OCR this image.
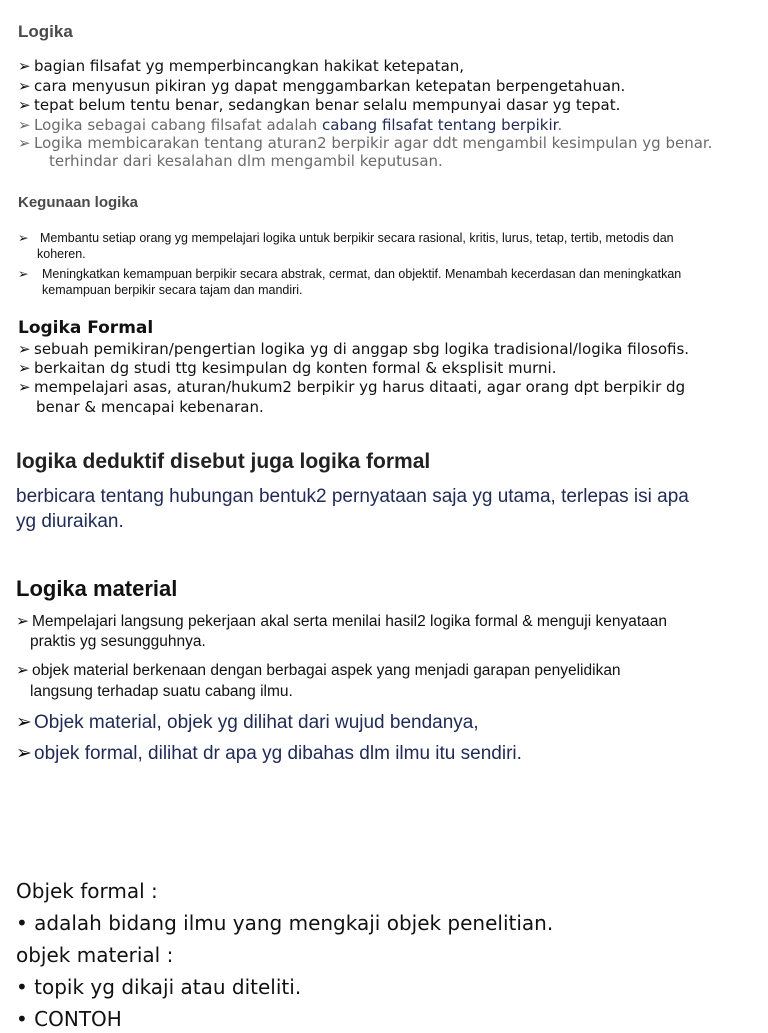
Logika
➢ bagian filsafat yg memperbincangkan hakikat ketepatan,
➢ cara menyusun pikiran yg dapat menggambarkan ketepatan berpengetahuan.
➢ tepat belum tentu benar, sedangkan benar selalu mempunyai dasar yg tepat.
➢ Logika sebagai cabang filsafat adalah cabang filsafat tentang berpikir.
➢ Logika membicarakan tentang aturan2 berpikir agar ddt mengambil kesimpulan yg benar.
terhindar dari kesalahan dlm mengambil keputusan.
Kegunaan logika
➢ Membantu setiap orang yg mempelajari logika untuk berpikir secara rasional, kritis, lurus, tetap, tertib, metodis dan
koheren.
➢	Meningkatkan kemampuan berpikir secara abstrak, cermat, dan objektif. Menambah kecerdasan dan meningkatkan
kemampuan berpikir secara tajam dan mandiri.
Logika Formal
➢ sebuah pemikiran/pengertian logika yg di anggap sbg logika tradisional/logika filosofis.
➢ berkaitan dg studi ttg kesimpulan dg konten formal & eksplisit murni.
➢ mempelajari asas, aturan/hukum2 berpikir yg harus ditaati, agar orang dpt berpikir dg
benar & mencapai kebenaran.
logika deduktif disebut juga logika formal
berbicara tentang hubungan bentuk2 pernyataan saja yg utama, terlepas isi apa
yg diuraikan.
Logika material
➢ Mempelajari langsung pekerjaan akal serta menilai hasil2 logika formal & menguji kenyataan
praktis yg sesungguhnya.
➢ objek material berkenaan dengan berbagai aspek yang menjadi garapan penyelidikan
langsung terhadap suatu cabang ilmu.
➢ Objek material, objek yg dilihat dari wujud bendanya,
➢ objek formal, dilihat dr apa yg dibahas dlm ilmu itu sendiri.
Objek formal :
• adalah bidang ilmu yang mengkaji objek penelitian.
objek material :
• topik yg dikaji atau diteliti.
• CONTOH
